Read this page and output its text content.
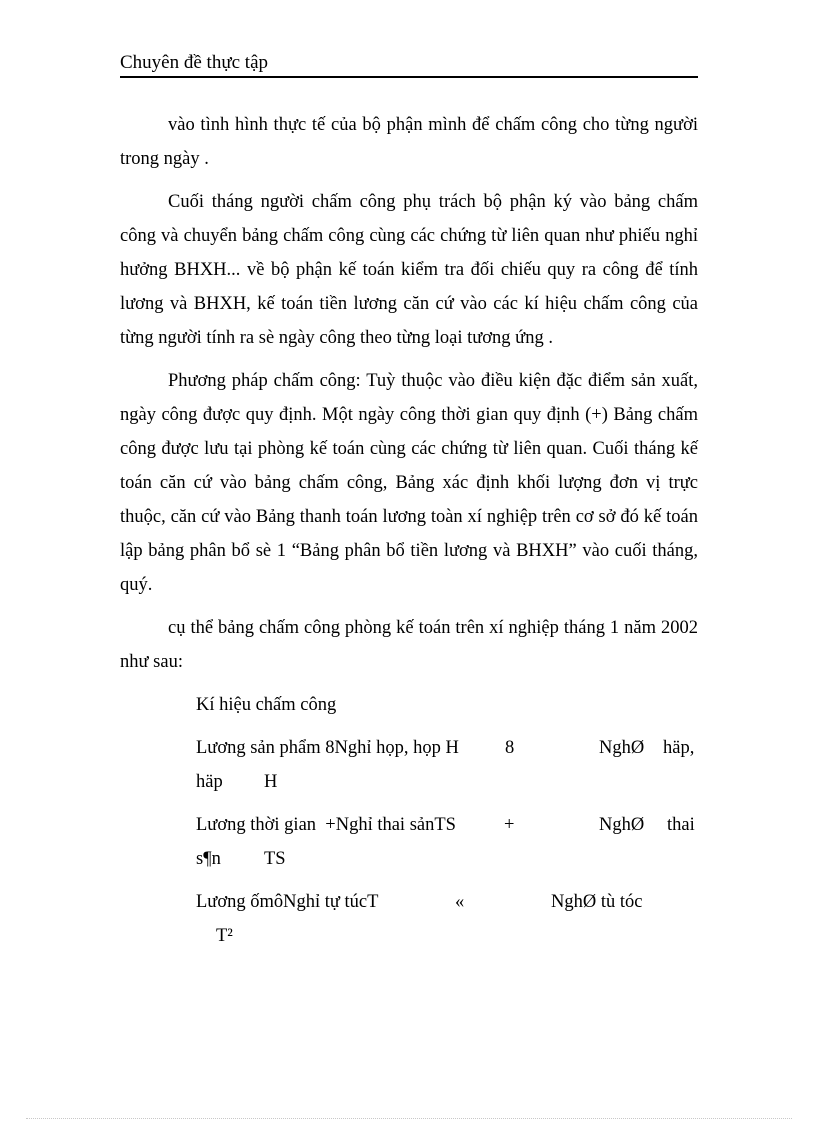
Chuyên đề thực tập

vào tình hình thực tế của bộ phận mình để chấm công cho từng người trong ngày .

Cuối tháng người chấm công phụ trách bộ phận ký vào bảng chấm công và chuyển bảng chấm công cùng các chứng từ liên quan như phiếu nghỉ hưởng BHXH... về bộ phận kế toán kiểm tra đối chiếu quy ra công để tính lương và BHXH, kế toán tiền lương căn cứ vào các kí hiệu chấm công của từng người tính ra sè ngày công theo từng loại tương ứng .

Phương pháp chấm công: Tuỳ thuộc vào điều kiện đặc điểm sản xuất, ngày công được quy định. Một ngày công thời gian quy định (+) Bảng chấm công được lưu tại phòng kế toán cùng các chứng từ liên quan. Cuối tháng kế toán căn cứ vào bảng chấm công, Bảng xác định khối lượng đơn vị trực thuộc, căn cứ vào Bảng thanh toán lương toàn xí nghiệp trên cơ sở đó kế toán lập bảng phân bổ sè 1 “Bảng phân bổ tiền lương và BHXH” vào cuối tháng, quý.

cụ thể bảng chấm công phòng kế toán trên xí nghiệp tháng 1 năm 2002 như sau:

Kí hiệu chấm công
Lương sản phẩm 8Nghỉ họp, họp H 8	NghØ häp,
häp H
Lương thời gian  +Nghỉ thai sảnTS	+	NghØ thai
s¶n TS
Lương ốmôNghỉ tự túcT	«	NghØ tù tóc
T²
